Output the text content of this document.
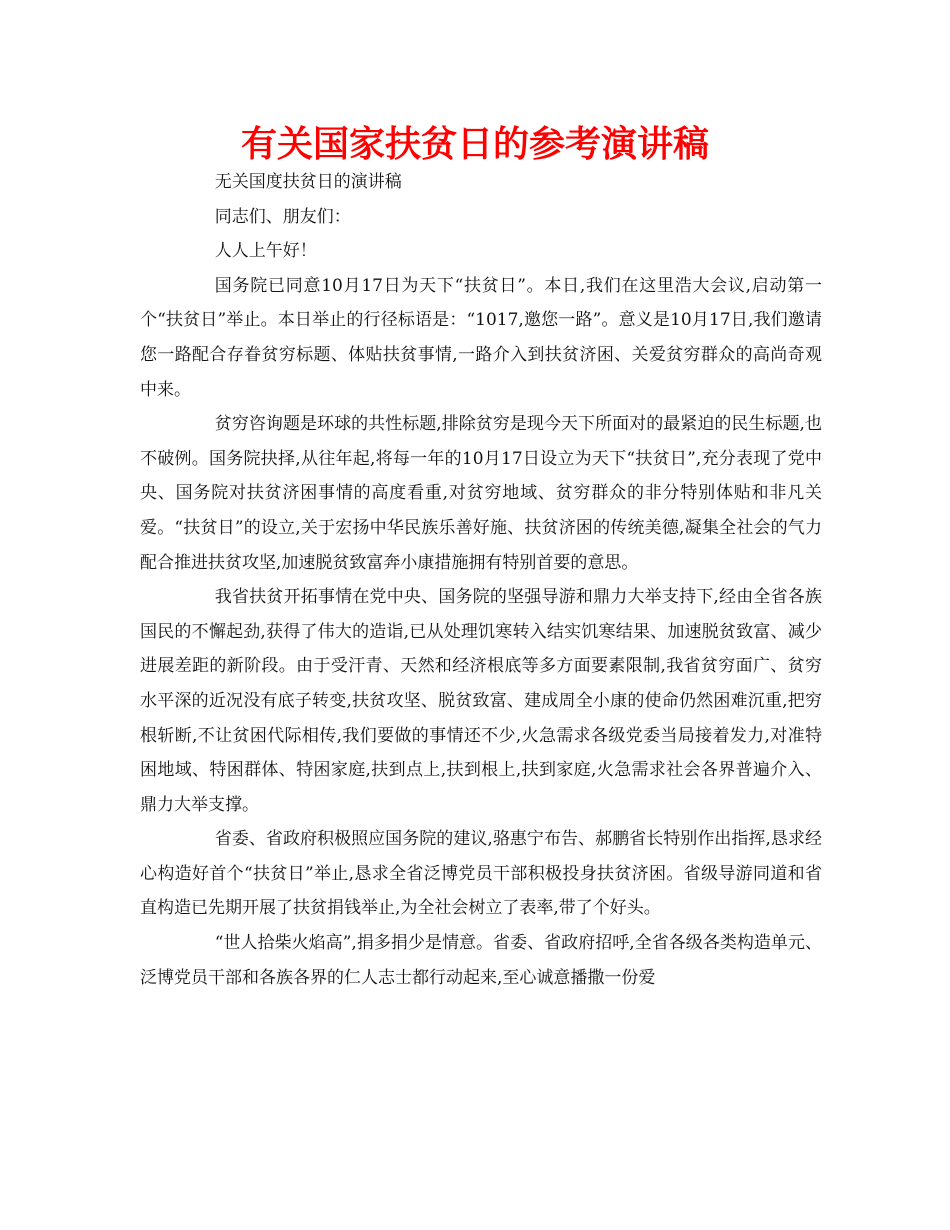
有关国家扶贫日的参考演讲稿

无关国度扶贫日的演讲稿

同志们、朋友们：

人人上午好！

国务院已同意10月17日为天下“扶贫日”。本日,我们在这里浩大会议,启动第一个“扶贫日”举止。本日举止的行径标语是：“1017,邀您一路”。意义是10月17日,我们邀请您一路配合存眷贫穷标题、体贴扶贫事情,一路介入到扶贫济困、关爱贫穷群众的高尚奇观中来。

贫穷咨询题是环球的共性标题,排除贫穷是现今天下所面对的最紧迫的民生标题,也不破例。国务院抉择,从往年起,将每一年的10月17日设立为天下“扶贫日”,充分表现了党中央、国务院对扶贫济困事情的高度看重,对贫穷地域、贫穷群众的非分特别体贴和非凡关爱。“扶贫日”的设立,关于宏扬中华民族乐善好施、扶贫济困的传统美德,凝集全社会的气力配合推进扶贫攻坚,加速脱贫致富奔小康措施拥有特别首要的意思。

我省扶贫开拓事情在党中央、国务院的坚强导游和鼎力大举支持下,经由全省各族国民的不懈起劲,获得了伟大的造诣,已从处理饥寒转入结实饥寒结果、加速脱贫致富、减少进展差距的新阶段。由于受汗青、天然和经济根底等多方面要素限制,我省贫穷面广、贫穷水平深的近况没有底子转变,扶贫攻坚、脱贫致富、建成周全小康的使命仍然困难沉重,把穷根斩断,不让贫困代际相传,我们要做的事情还不少,火急需求各级党委当局接着发力,对准特困地域、特困群体、特困家庭,扶到点上,扶到根上,扶到家庭,火急需求社会各界普遍介入、鼎力大举支撑。

省委、省政府积极照应国务院的建议,骆惠宁布告、郝鹏省长特别作出指挥,恳求经心构造好首个“扶贫日”举止,恳求全省泛博党员干部积极投身扶贫济困。省级导游同道和省直构造已先期开展了扶贫捐钱举止,为全社会树立了表率,带了个好头。

“世人拾柴火焰高”,捐多捐少是情意。省委、省政府招呼,全省各级各类构造单元、泛博党员干部和各族各界的仁人志士都行动起来,至心诚意播撒一份爱
